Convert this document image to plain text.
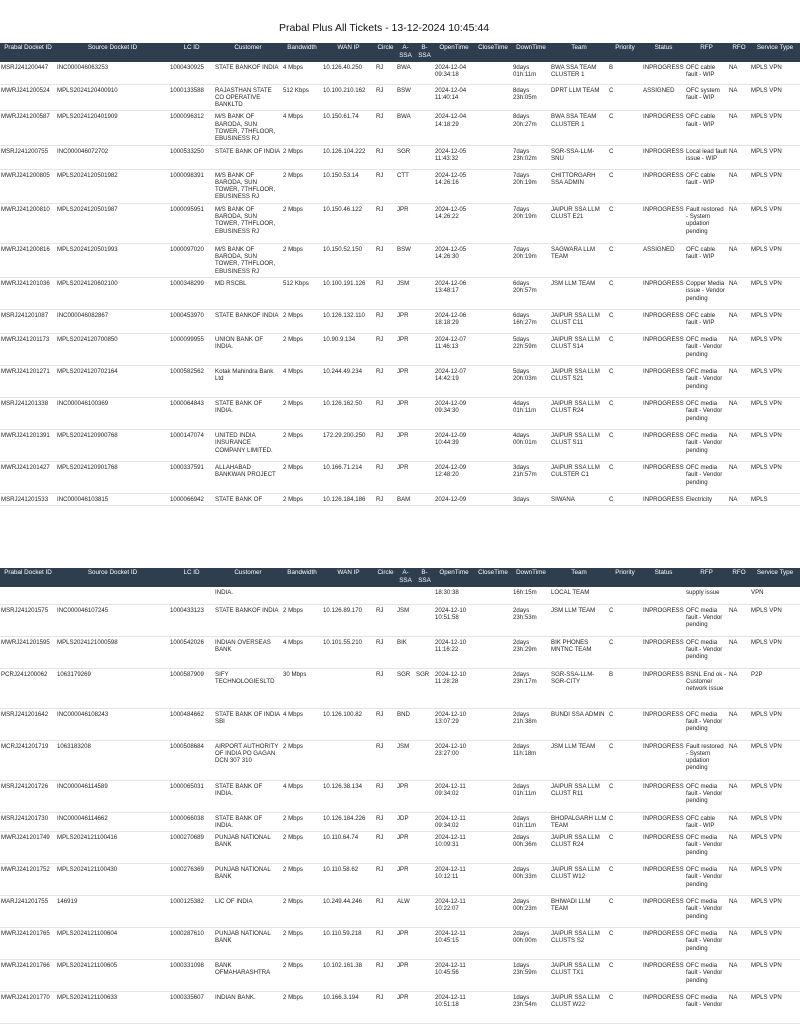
Prabal Plus All Tickets - 13-12-2024 10:45:44
Prabal Docket ID	Source Docket ID	LC ID	Customer	Bandwidth	WAN IP	Circle	A-SSA	B-SSA	OpenTime	CloseTime	DownTime	Team	Priority	Status	RFP	RFO	Service Type
MSRJ241200447	INC000046063253	1000430925	STATE BANKOF INDIA	4 Mbps	10.126.40.250	RJ	BWA		2024-12-04 09:34:18		9days 01h:11m	BWA SSA TEAM CLUSTER 1	B	INPROGRESS	OFC cable fault - WIP	NA	MPLS VPN
MWRJ241200524	MPLS2024120400910	1000133588	RAJASTHAN STATE CO OPERATIVE BANKLTD	512 Kbps	10.100.210.162	RJ	BSW		2024-12-04 11:40:14		8days 23h:05m	DPRT LLM TEAM	C	ASSIGNED	OFC system fault - WIP	NA	MPLS VPN
MWRJ241200587	MPLS2024120401909	1000096312	M/S BANK OF BARODA, SUN TOWER, 7THFLOOR, EBUSINESS RJ	4 Mbps	10.150.61.74	RJ	BWA		2024-12-04 14:18:29		8days 20h:27m	BWA SSA TEAM CLUSTER 1	C	INPROGRESS	OFC cable fault - WIP	NA	MPLS VPN
MSRJ241200755	INC000046072702	1000533250	STATE BANK OF INDIA	2 Mbps	10.126.104.222	RJ	SGR		2024-12-05 11:43:32		7days 23h:02m	SGR-SSA-LLM-SNU	C	INPROGRESS	Local lead fault issue - WIP	NA	MPLS VPN
MWRJ241200805	MPLS2024120501982	1000098391	M/S BANK OF BARODA, SUN TOWER, 7THFLOOR, EBUSINESS RJ	2 Mbps	10.150.53.14	RJ	CTT		2024-12-05 14:26:16		7days 20h:19m	CHITTORGARH SSA ADMIN	C	INPROGRESS	OFC cable fault - WIP	NA	MPLS VPN
MWRJ241200810	MPLS2024120501987	1000095951	M/S BANK OF BARODA, SUN TOWER, 7THFLOOR, EBUSINESS RJ	2 Mbps	10.150.46.122	RJ	JPR		2024-12-05 14:26:22		7days 20h:19m	JAIPUR SSA LLM CLUST E21	C	INPROGRESS	Fault restored - System updation pending	NA	MPLS VPN
MWRJ241200816	MPLS2024120501993	1000097020	M/S BANK OF BARODA, SUN TOWER, 7THFLOOR, EBUSINESS RJ	2 Mbps	10.150.52.150	RJ	BSW		2024-12-05 14:26:30		7days 20h:19m	SAGWARA LLM TEAM	C	ASSIGNED	OFC cable fault - WIP	NA	MPLS VPN
MWRJ241201036	MPLS2024120602100	1000348299	MD RSCBL	512 Kbps	10.100.191.126	RJ	JSM		2024-12-06 13:48:17		6days 20h:57m	JSM LLM TEAM	C	INPROGRESS	Copper Media issue - Vendor pending	NA	MPLS VPN
MSRJ241201087	INC000046082867	1000453970	STATE BANKOF INDIA	2 Mbps	10.126.132.110	RJ	JPR		2024-12-06 18:18:29		6days 16h:27m	JAIPUR SSA LLM CLUST C11	C	INPROGRESS	OFC cable fault - WIP	NA	MPLS VPN
MWRJ241201173	MPLS2024120700850	1000099955	UNION BANK OF INDIA.	2 Mbps	10.90.9.134	RJ	JPR		2024-12-07 11:46:13		5days 22h:59m	JAIPUR SSA LLM CLUST S14	C	INPROGRESS	OFC media fault - Vendor pending	NA	MPLS VPN
MWRJ241201271	MPLS2024120702164	1000582562	Kotak Mahindra Bank Ltd	4 Mbps	10.244.49.234	RJ	JPR		2024-12-07 14:42:19		5days 20h:03m	JAIPUR SSA LLM CLUST S21	C	INPROGRESS	OFC media fault - Vendor pending	NA	MPLS VPN
MSRJ241201338	INC000046100369	1000064843	STATE BANK OF INDIA.	2 Mbps	10.126.162.50	RJ	JPR		2024-12-09 09:34:30		4days 01h:11m	JAIPUR SSA LLM CLUST R24	C	INPROGRESS	OFC media fault - Vendor pending	NA	MPLS VPN
MWRJ241201391	MPLS2024120900768	1000147074	UNITED INDIA INSURANCE COMPANY LIMITED.	2 Mbps	172.29.200.250	RJ	JPR		2024-12-09 10:44:39		4days 00h:01m	JAIPUR SSA LLM CLUST S11	C	INPROGRESS	OFC media fault - Vendor pending	NA	MPLS VPN
MWRJ241201427	MPLS2024120901768	1000337591	ALLAHABAD BANKWAN PROJECT	2 Mbps	10.166.71.214	RJ	JPR		2024-12-09 12:48:20		3days 21h:57m	JAIPUR SSA LLM CULSTER C1	C	INPROGRESS	OFC media fault - Vendor pending	NA	MPLS VPN
MSRJ241201533	INC000046103815	1000066942	STATE BANK OF	2 Mbps	10.126.184.186	RJ	BAM		2024-12-09		3days	SIWANA	C	INPROGRESS	Electricity	NA	MPLS
Prabal Docket ID	Source Docket ID	LC ID	Customer	Bandwidth	WAN IP	Circle	A-SSA	B-SSA	OpenTime	CloseTime	DownTime	Team	Priority	Status	RFP	RFO	Service Type
			INDIA.						18:30:38		16h:15m	LOCAL TEAM			supply issue		VPN
MSRJ241201575	INC000046107245	1000433123	STATE BANKOF INDIA	2 Mbps	10.126.89.170	RJ	JSM		2024-12-10 10:51:58		2days 23h:53m	JSM LLM TEAM	C	INPROGRESS	OFC media fault - Vendor pending	NA	MPLS VPN
MWRJ241201595	MPLS2024121000598	1000542026	INDIAN OVERSEAS BANK	4 Mbps	10.101.55.210	RJ	BIK		2024-12-10 11:16:22		2days 23h:29m	BIK PHONES MNTNC TEAM	C	INPROGRESS	OFC media fault - Vendor pending	NA	MPLS VPN
PCRJ241200062	1063179269	1000587909	SIFY TECHNOLOGIESLTD	30 Mbps		RJ	SGR	SGR	2024-12-10 11:28:28		2days 23h:17m	SGR-SSA-LLM-SGR-CITY	B	INPROGRESS	BSNL End ok - Customer network issue	NA	P2P
MSRJ241201642	INC000046108243	1000484662	STATE BANK OF INDIA SBI	4 Mbps	10.126.100.82	RJ	BND		2024-12-10 13:07:29		2days 21h:38m	BUNDI SSA ADMIN	C	INPROGRESS	OFC media fault - Vendor pending	NA	MPLS VPN
MCRJ241201719	1063183208	1000508684	AIRPORT AUTHORITY OF INDIA PO GAGAN DCN 307 310	2 Mbps		RJ	JSM		2024-12-10 23:27:00		2days 11h:18m	JSM LLM TEAM	C	INPROGRESS	Fault restored - System updation pending	NA	MPLS VPN
MSRJ241201726	INC000046114589	1000065031	STATE BANK OF INDIA.	4 Mbps	10.126.38.134	RJ	JPR		2024-12-11 09:34:02		2days 01h:11m	JAIPUR SSA LLM CLUST R11	C	INPROGRESS	OFC media fault - Vendor pending	NA	MPLS VPN
MSRJ241201730	INC000046114662	1000066038	STATE BANK OF INDIA.	2 Mbps	10.126.184.226	RJ	JDP		2024-12-11 09:34:02		2days 01h:11m	BHOPALGARH LLM TEAM	C	INPROGRESS	OFC cable fault - WIP	NA	MPLS VPN
MWRJ241201749	MPLS2024121100416	1000270689	PUNJAB NATIONAL BANK	2 Mbps	10.110.64.74	RJ	JPR		2024-12-11 10:09:31		2days 00h:36m	JAIPUR SSA LLM CLUST R24	C	INPROGRESS	OFC media fault - Vendor pending	NA	MPLS VPN
MWRJ241201752	MPLS2024121100430	1000276369	PUNJAB NATIONAL BANK	2 Mbps	10.110.58.62	RJ	JPR		2024-12-11 10:12:11		2days 00h:33m	JAIPUR SSA LLM CLUST W12	C	INPROGRESS	OFC media fault - Vendor pending	NA	MPLS VPN
MARJ241201755	146919	1000125382	LIC OF INDIA	2 Mbps	10.249.44.246	RJ	ALW		2024-12-11 10:22:07		2days 00h:23m	BHIWADI LLM TEAM	C	INPROGRESS	OFC media fault - Vendor pending	NA	MPLS VPN
MWRJ241201765	MPLS2024121100604	1000287610	PUNJAB NATIONAL BANK	2 Mbps	10.110.59.218	RJ	JPR		2024-12-11 10:45:15		2days 00h:00m	JAIPUR SSA LLM CLUSTS S2	C	INPROGRESS	OFC media fault - Vendor pending	NA	MPLS VPN
MWRJ241201766	MPLS2024121100605	1000331098	BANK OFMAHARASHTRA	2 Mbps	10.102.161.38	RJ	JPR		2024-12-11 10:45:56		1days 23h:59m	JAIPUR SSA LLM CLUST TX1	C	INPROGRESS	OFC media fault - Vendor pending	NA	MPLS VPN
MWRJ241201770	MPLS2024121100633	1000335607	INDIAN BANK.	2 Mbps	10.166.3.194	RJ	JPR		2024-12-11 10:51:18		1days 23h:54m	JAIPUR SSA LLM CLUST W22	C	INPROGRESS	OFC media fault - Vendor	NA	MPLS VPN
